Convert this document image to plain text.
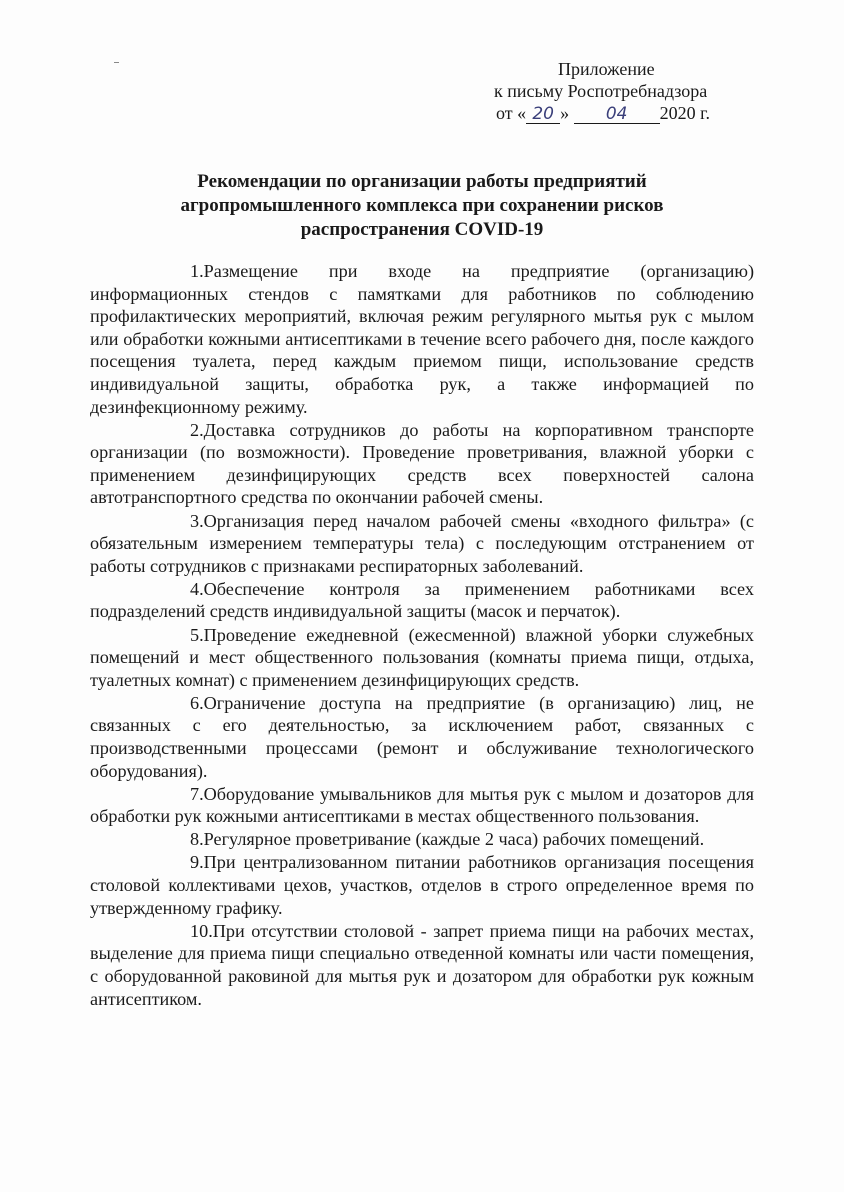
Приложение
к письму Роспотребнадзора
от « 20 » 04 2020 г.
Рекомендации по организации работы предприятий
агропромышленного комплекса при сохранении рисков
распространения COVID-19

1.Размещение при входе на предприятие (организацию) информационных стендов с памятками для работников по соблюдению профилактических мероприятий, включая режим регулярного мытья рук с мылом или обработки кожными антисептиками в течение всего рабочего дня, после каждого посещения туалета, перед каждым приемом пищи, использование средств индивидуальной защиты, обработка рук, а также информацией по дезинфекционному режиму.

2.Доставка сотрудников до работы на корпоративном транспорте организации (по возможности). Проведение проветривания, влажной уборки с применением дезинфицирующих средств всех поверхностей салона автотранспортного средства по окончании рабочей смены.

3.Организация перед началом рабочей смены «входного фильтра» (с обязательным измерением температуры тела) с последующим отстранением от работы сотрудников с признаками респираторных заболеваний.

4.Обеспечение контроля за применением работниками всех подразделений средств индивидуальной защиты (масок и перчаток).

5.Проведение ежедневной (ежесменной) влажной уборки служебных помещений и мест общественного пользования (комнаты приема пищи, отдыха, туалетных комнат) с применением дезинфицирующих средств.

6.Ограничение доступа на предприятие (в организацию) лиц, не связанных с его деятельностью, за исключением работ, связанных с производственными процессами (ремонт и обслуживание технологического оборудования).

7.Оборудование умывальников для мытья рук с мылом и дозаторов для обработки рук кожными антисептиками в местах общественного пользования.

8.Регулярное проветривание (каждые 2 часа) рабочих помещений.

9.При централизованном питании работников организация посещения столовой коллективами цехов, участков, отделов в строго определенное время по утвержденному графику.

10.При отсутствии столовой - запрет приема пищи на рабочих местах, выделение для приема пищи специально отведенной комнаты или части помещения, с оборудованной раковиной для мытья рук и дозатором для обработки рук кожным антисептиком.
